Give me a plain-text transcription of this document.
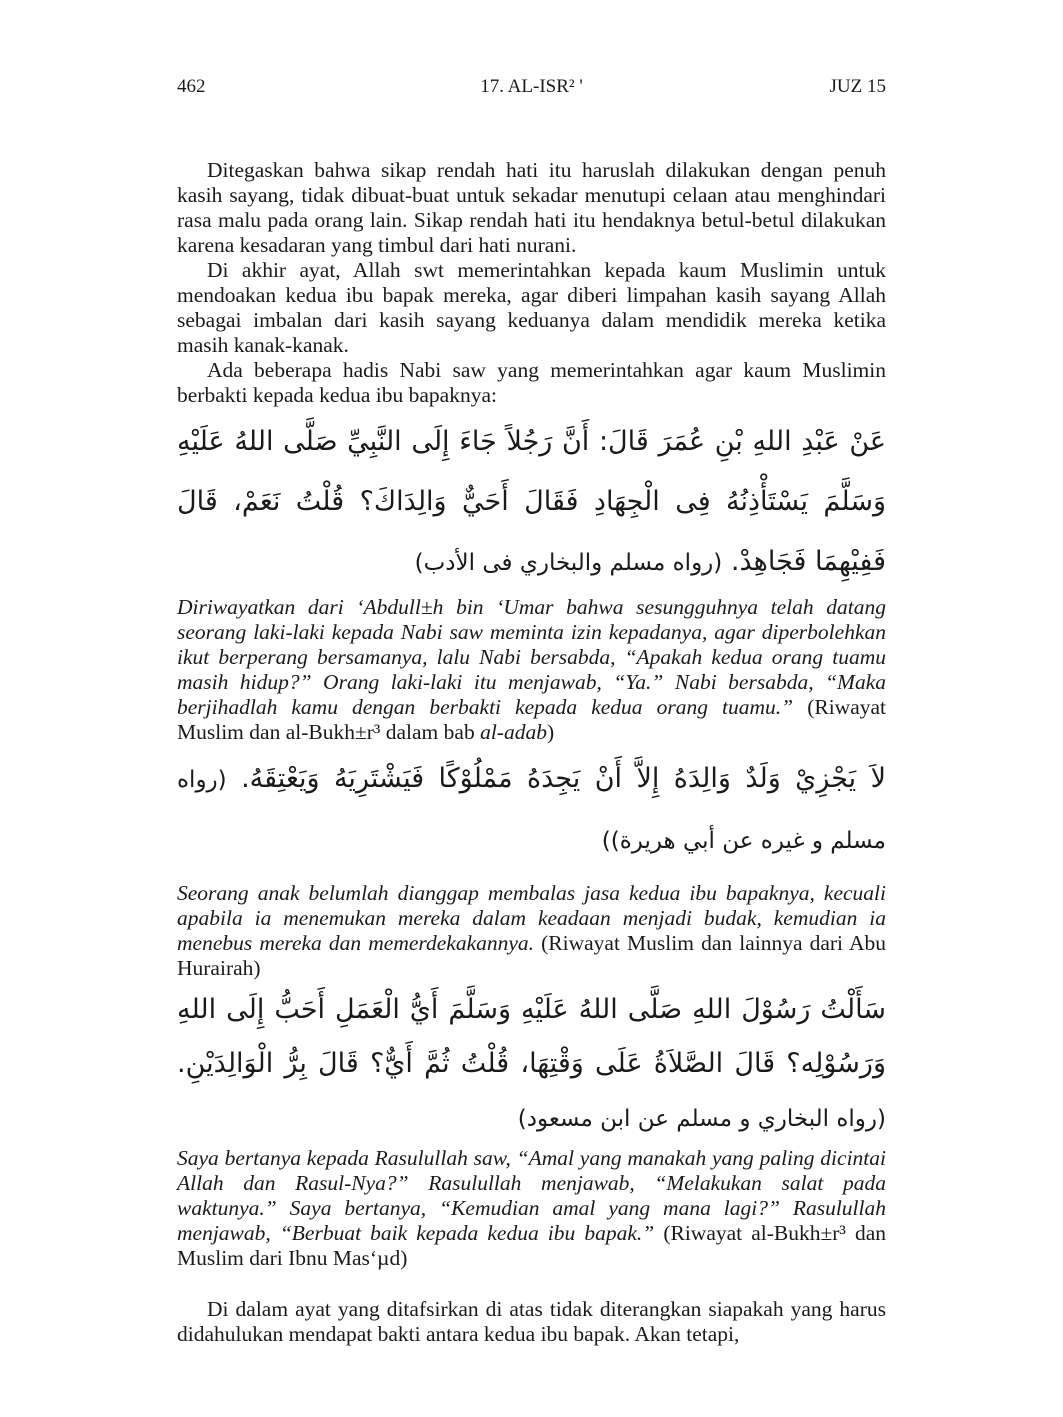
462	17. AL-ISR² '	JUZ 15

Ditegaskan bahwa sikap rendah hati itu haruslah dilakukan dengan penuh kasih sayang, tidak dibuat-buat untuk sekadar menutupi celaan atau menghindari rasa malu pada orang lain. Sikap rendah hati itu hendaknya betul-betul dilakukan karena kesadaran yang timbul dari hati nurani.

Di akhir ayat, Allah swt memerintahkan kepada kaum Muslimin untuk mendoakan kedua ibu bapak mereka, agar diberi limpahan kasih sayang Allah sebagai imbalan dari kasih sayang keduanya dalam mendidik mereka ketika masih kanak-kanak.

Ada beberapa hadis Nabi saw yang memerintahkan agar kaum Muslimin berbakti kepada kedua ibu bapaknya:

عَنْ عَبْدِ اللهِ بْنِ عُمَرَ قَالَ: أَنَّ رَجُلاً جَاءَ إِلَى النَّبِيِّ صَلَّى اللهُ عَلَيْهِ وَسَلَّمَ يَسْتَأْذِنُهُ فِى الْجِهَادِ فَقَالَ أَحَيٌّ وَالِدَاكَ؟ قُلْتُ نَعَمْ، قَالَ فَفِيْهِمَا فَجَاهِدْ. (رواه مسلم والبخاري فى الأدب)

Diriwayatkan dari ‘Abdull±h bin ‘Umar bahwa sesungguhnya telah datang seorang laki-laki kepada Nabi saw meminta izin kepadanya, agar diperbolehkan ikut berperang bersamanya, lalu Nabi bersabda, “Apakah kedua orang tuamu masih hidup?” Orang laki-laki itu menjawab, “Ya.” Nabi bersabda, “Maka berjihadlah kamu dengan berbakti kepada kedua orang tuamu.” (Riwayat Muslim dan al-Bukh±r³ dalam bab al-adab)

لاَ يَجْزِيْ وَلَدٌ وَالِدَهُ إِلاَّ أَنْ يَجِدَهُ مَمْلُوْكًا فَيَشْتَرِيَهُ وَيَعْتِقَهُ. (رواه مسلم و غيره عن أبي هريرة))

Seorang anak belumlah dianggap membalas jasa kedua ibu bapaknya, kecuali apabila ia menemukan mereka dalam keadaan menjadi budak, kemudian ia menebus mereka dan memerdekakannya. (Riwayat Muslim dan lainnya dari Abu Hurairah)

سَأَلْتُ رَسُوْلَ اللهِ صَلَّى اللهُ عَلَيْهِ وَسَلَّمَ أَيُّ الْعَمَلِ أَحَبُّ إِلَى اللهِ وَرَسُوْلِه؟ قَالَ الصَّلاَةُ عَلَى وَقْتِهَا، قُلْتُ ثُمَّ أَيٌّ؟ قَالَ بِرُّ الْوَالِدَيْنِ. (رواه البخاري و مسلم عن ابن مسعود)

Saya bertanya kepada Rasulullah saw, “Amal yang manakah yang paling dicintai Allah dan Rasul-Nya?” Rasulullah menjawab, “Melakukan salat pada waktunya.” Saya bertanya, “Kemudian amal yang mana lagi?” Rasulullah menjawab, “Berbuat baik kepada kedua ibu bapak.” (Riwayat al-Bukh±r³ dan Muslim dari Ibnu Mas‘µd)

Di dalam ayat yang ditafsirkan di atas tidak diterangkan siapakah yang harus didahulukan mendapat bakti antara kedua ibu bapak. Akan tetapi,
